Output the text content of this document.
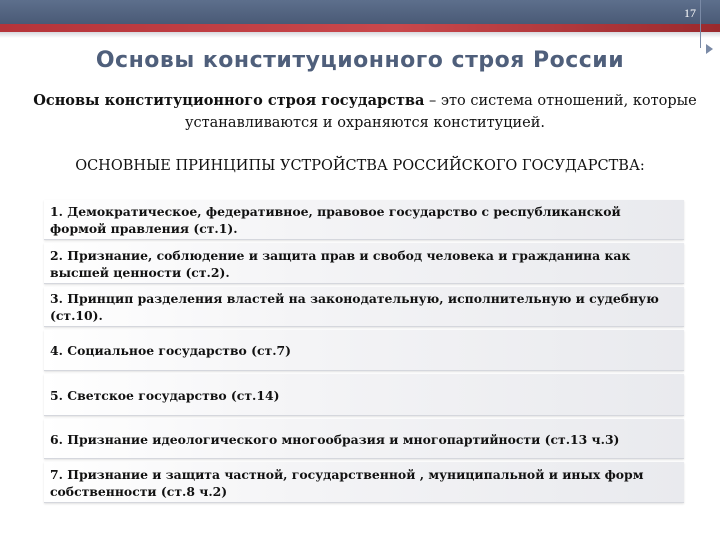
17
Основы конституционного строя России
Основы конституционного строя государства – это система отношений, которые устанавливаются и охраняются конституцией.
ОСНОВНЫЕ ПРИНЦИПЫ УСТРОЙСТВА РОССИЙСКОГО ГОСУДАРСТВА:
1. Демократическое, федеративное, правовое государство с республиканской формой правления (ст.1).
2. Признание, соблюдение и защита прав и свобод человека и гражданина как высшей ценности (ст.2).
3. Принцип разделения властей на законодательную, исполнительную и судебную (ст.10).
4. Социальное государство (ст.7)
5. Светское государство (ст.14)
6. Признание идеологического многообразия и многопартийности (ст.13 ч.3)
7. Признание и защита частной, государственной , муниципальной и иных форм собственности (ст.8 ч.2)
